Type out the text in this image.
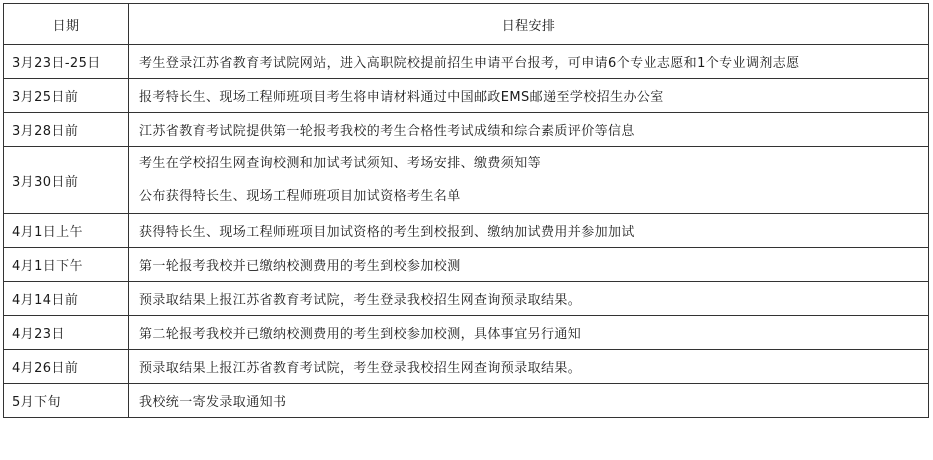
日期	日程安排
3月23日-25日	考生登录江苏省教育考试院网站，进入高职院校提前招生申请平台报考，可申请6个专业志愿和1个专业调剂志愿
3月25日前	报考特长生、现场工程师班项目考生将申请材料通过中国邮政EMS邮递至学校招生办公室
3月28日前	江苏省教育考试院提供第一轮报考我校的考生合格性考试成绩和综合素质评价等信息
3月30日前	考生在学校招生网查询校测和加试考试须知、考场安排、缴费须知等
公布获得特长生、现场工程师班项目加试资格考生名单

4月1日上午	获得特长生、现场工程师班项目加试资格的考生到校报到、缴纳加试费用并参加加试
4月1日下午	第一轮报考我校并已缴纳校测费用的考生到校参加校测
4月14日前	预录取结果上报江苏省教育考试院，考生登录我校招生网查询预录取结果。
4月23日	第二轮报考我校并已缴纳校测费用的考生到校参加校测，具体事宜另行通知
4月26日前	预录取结果上报江苏省教育考试院，考生登录我校招生网查询预录取结果。
5月下旬	我校统一寄发录取通知书
